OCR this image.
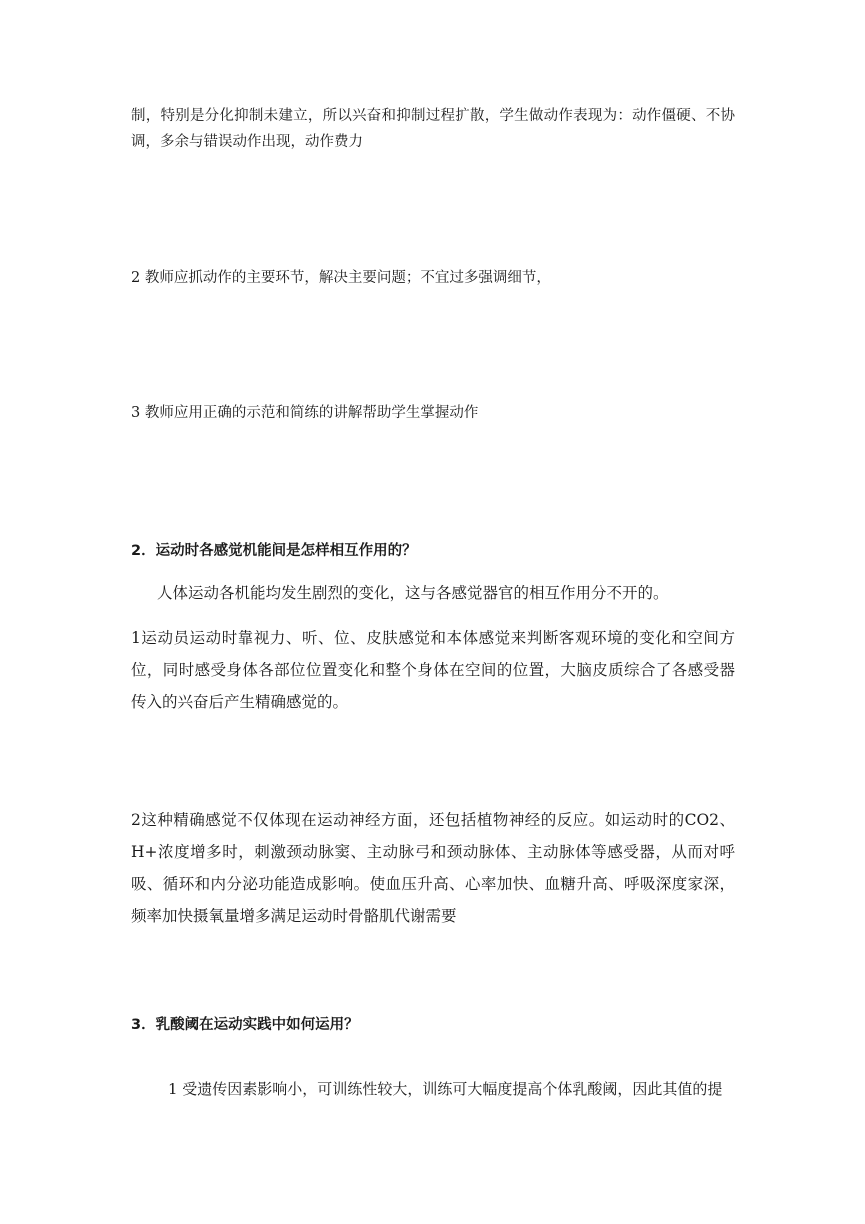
制，特别是分化抑制未建立，所以兴奋和抑制过程扩散，学生做动作表现为：动作僵硬、不协调，多余与错误动作出现，动作费力

2 教师应抓动作的主要环节，解决主要问题；不宜过多强调细节，

3 教师应用正确的示范和简练的讲解帮助学生掌握动作

2．运动时各感觉机能间是怎样相互作用的？

人体运动各机能均发生剧烈的变化，这与各感觉器官的相互作用分不开的。

1运动员运动时靠视力、听、位、皮肤感觉和本体感觉来判断客观环境的变化和空间方位，同时感受身体各部位位置变化和整个身体在空间的位置，大脑皮质综合了各感受器传入的兴奋后产生精确感觉的。

2这种精确感觉不仅体现在运动神经方面，还包括植物神经的反应。如运动时的CO2、H+浓度增多时，刺激颈动脉窦、主动脉弓和颈动脉体、主动脉体等感受器，从而对呼吸、循环和内分泌功能造成影响。使血压升高、心率加快、血糖升高、呼吸深度家深，频率加快摄氧量增多满足运动时骨骼肌代谢需要

3．乳酸阈在运动实践中如何运用？

1 受遗传因素影响小，可训练性较大，训练可大幅度提高个体乳酸阈，因此其值的提
